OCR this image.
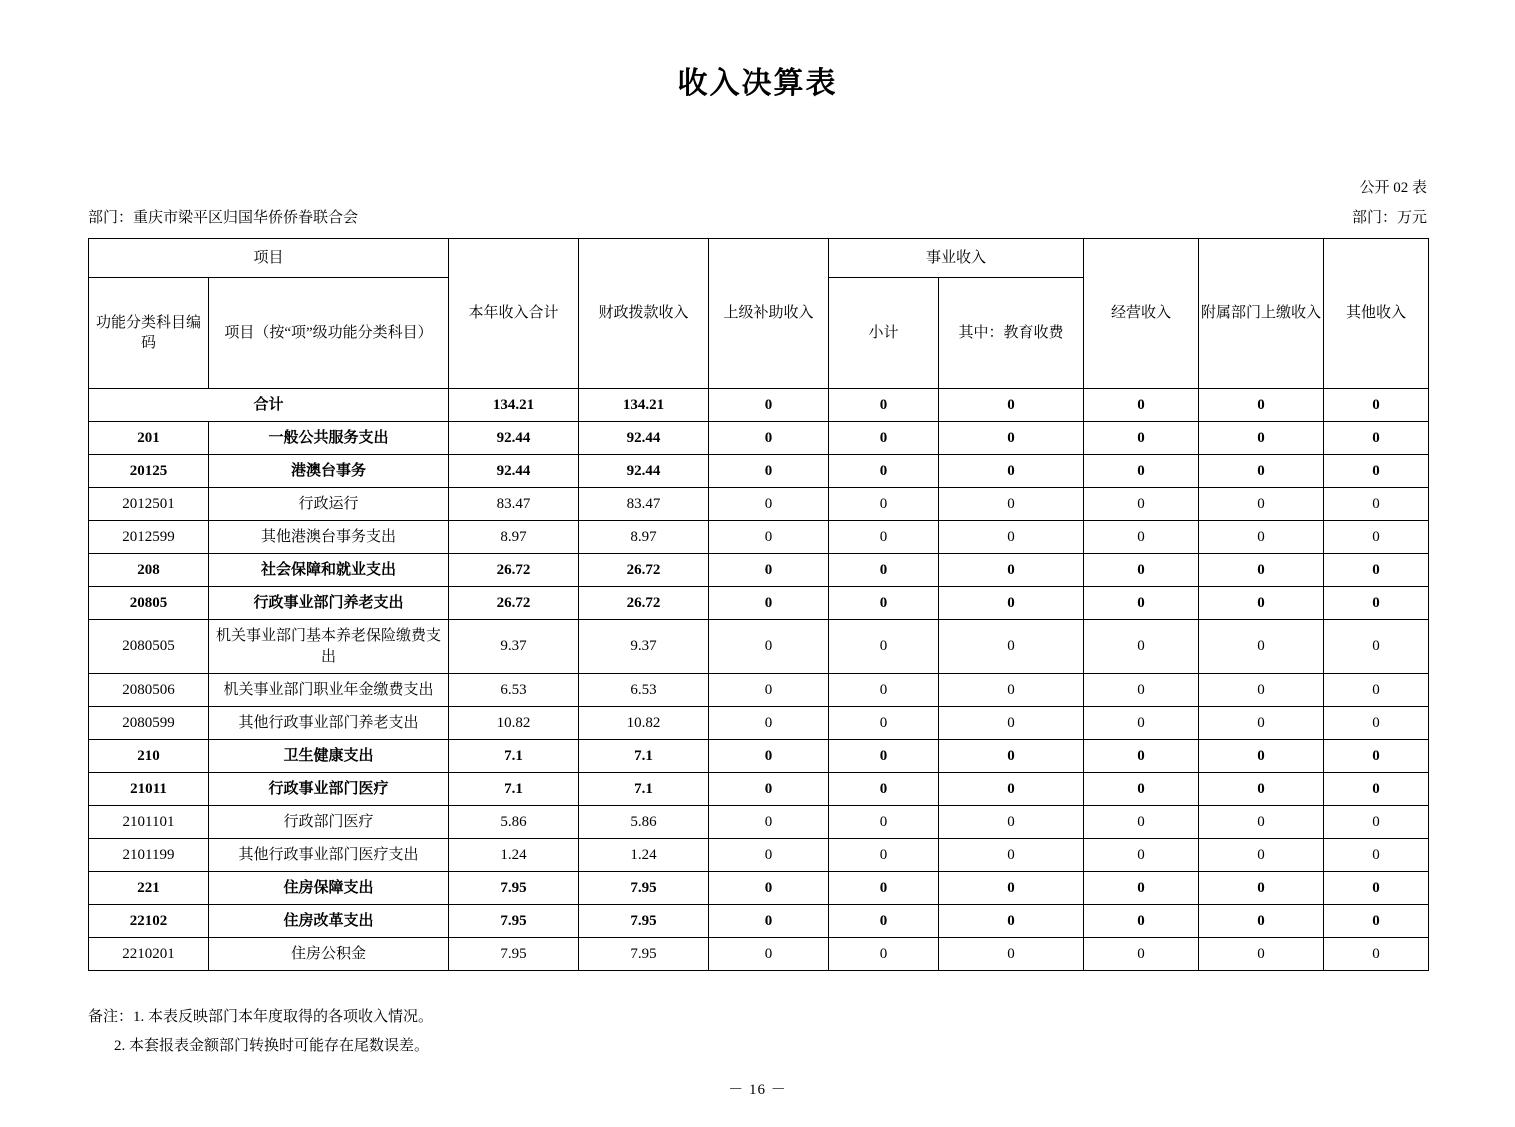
收入决算表
公开 02 表
部门：重庆市梁平区归国华侨侨眷联合会	部门：万元
项目		本年收入合计	财政拨款收入	上级补助收入	事业收入		经营收入	附属部门上缴收入	其他收入
功能分类科目编码	项目（按“项”级功能分类科目）				小计	其中：教育收费			

合计		134.21	134.21	0	0	0	0	0	0
201	一般公共服务支出	92.44	92.44	0	0	0	0	0	0
20125	港澳台事务	92.44	92.44	0	0	0	0	0	0
2012501	行政运行	83.47	83.47	0	0	0	0	0	0
2012599	其他港澳台事务支出	8.97	8.97	0	0	0	0	0	0
208	社会保障和就业支出	26.72	26.72	0	0	0	0	0	0
20805	行政事业部门养老支出	26.72	26.72	0	0	0	0	0	0
2080505	机关事业部门基本养老保险缴费支出	9.37	9.37	0	0	0	0	0	0
2080506	机关事业部门职业年金缴费支出	6.53	6.53	0	0	0	0	0	0
2080599	其他行政事业部门养老支出	10.82	10.82	0	0	0	0	0	0
210	卫生健康支出	7.1	7.1	0	0	0	0	0	0
21011	行政事业部门医疗	7.1	7.1	0	0	0	0	0	0
2101101	行政部门医疗	5.86	5.86	0	0	0	0	0	0
2101199	其他行政事业部门医疗支出	1.24	1.24	0	0	0	0	0	0
221	住房保障支出	7.95	7.95	0	0	0	0	0	0
22102	住房改革支出	7.95	7.95	0	0	0	0	0	0
2210201	住房公积金	7.95	7.95	0	0	0	0	0	0
备注：1. 本表反映部门本年度取得的各项收入情况。
2. 本套报表金额部门转换时可能存在尾数误差。
－ 16 －
